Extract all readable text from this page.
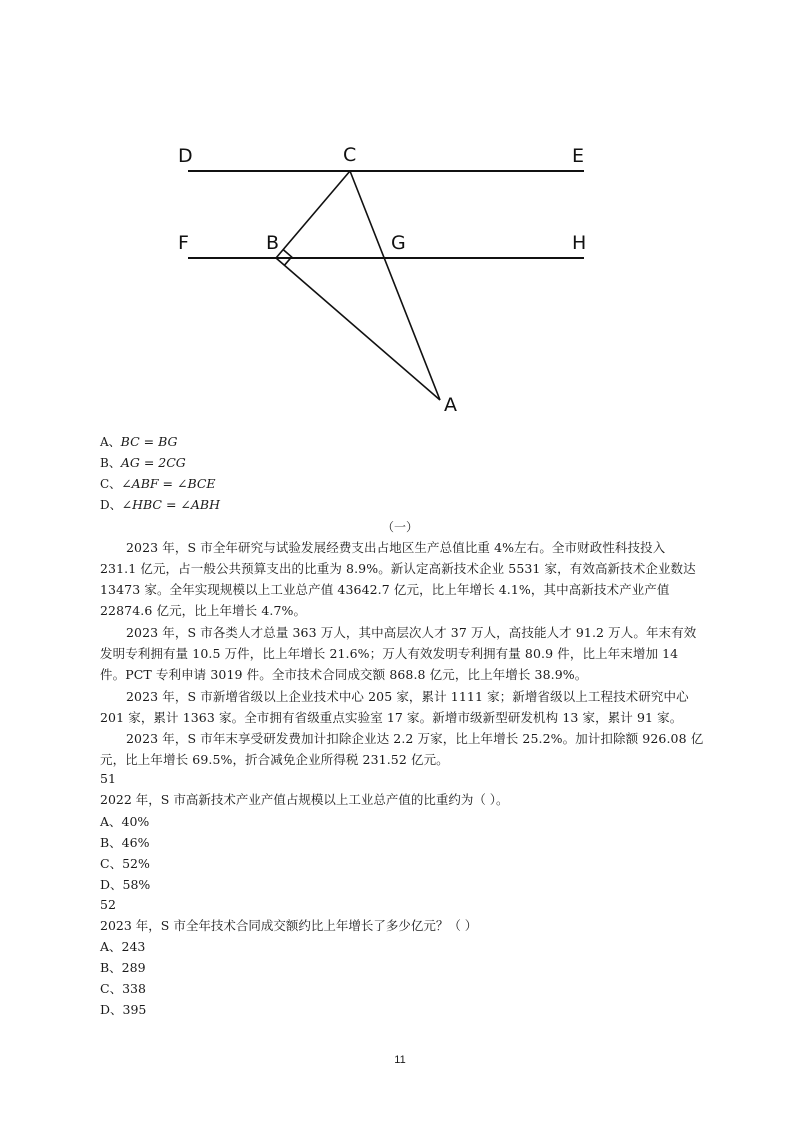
D	C	E
F	B	G	H
A
A、BC = BG
B、AG = 2CG
C、∠ABF = ∠BCE
D、∠HBC = ∠ABH
（一）
2023 年，S 市全年研究与试验发展经费支出占地区生产总值比重 4%左右。全市财政性科技投入 231.1 亿元，占一般公共预算支出的比重为 8.9%。新认定高新技术企业 5531 家，有效高新技术企业数达 13473 家。全年实现规模以上工业总产值 43642.7 亿元，比上年增长 4.1%，其中高新技术产业产值 22874.6 亿元，比上年增长 4.7%。
2023 年，S 市各类人才总量 363 万人，其中高层次人才 37 万人，高技能人才 91.2 万人。年末有效发明专利拥有量 10.5 万件，比上年增长 21.6%；万人有效发明专利拥有量 80.9 件，比上年末增加 14 件。PCT 专利申请 3019 件。全市技术合同成交额 868.8 亿元，比上年增长 38.9%。
2023 年，S 市新增省级以上企业技术中心 205 家，累计 1111 家；新增省级以上工程技术研究中心 201 家，累计 1363 家。全市拥有省级重点实验室 17 家。新增市级新型研发机构 13 家，累计 91 家。
2023 年，S 市年末享受研发费加计扣除企业达 2.2 万家，比上年增长 25.2%。加计扣除额 926.08 亿元，比上年增长 69.5%，折合减免企业所得税 231.52 亿元。
51
2022 年，S 市高新技术产业产值占规模以上工业总产值的比重约为（ ）。
A、40%
B、46%
C、52%
D、58%
52
2023 年，S 市全年技术合同成交额约比上年增长了多少亿元？（ ）
A、243
B、289
C、338
D、395
11
